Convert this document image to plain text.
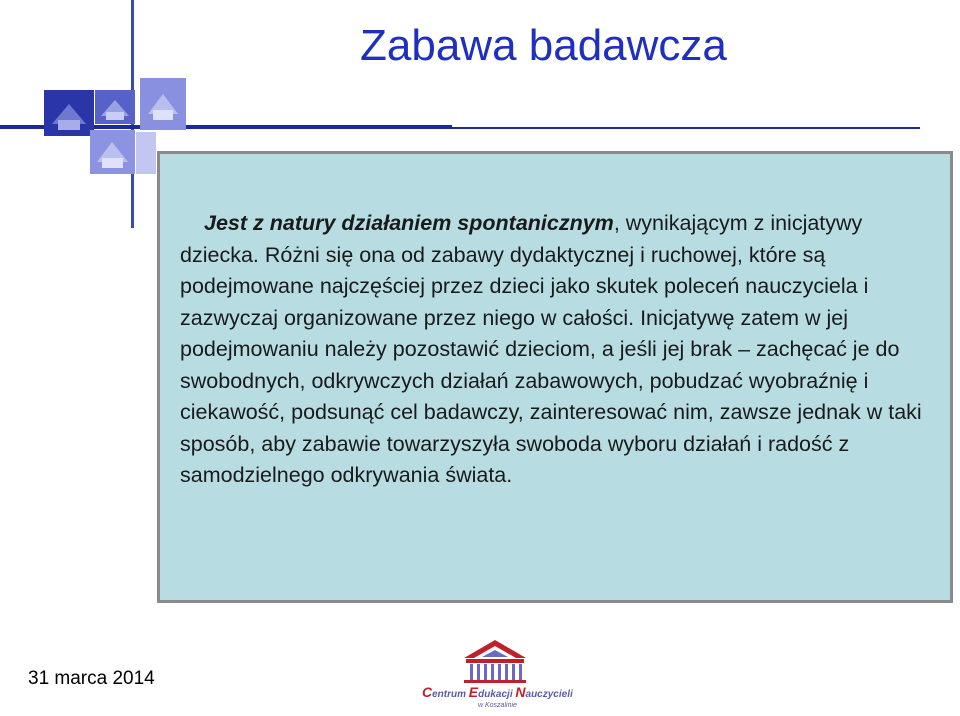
Zabawa badawcza

Jest z natury działaniem spontanicznym, wynikającym z inicjatywy dziecka. Różni się ona od zabawy dydaktycznej i ruchowej, które są podejmowane najczęściej przez dzieci jako skutek poleceń nauczyciela i zazwyczaj organizowane przez niego w całości. Inicjatywę zatem w jej podejmowaniu należy pozostawić dzieciom, a jeśli jej brak – zachęcać je do swobodnych, odkrywczych działań zabawowych, pobudzać wyobraźnię i ciekawość, podsunąć cel badawczy, zainteresować nim, zawsze jednak w taki sposób, aby zabawie towarzyszyła swoboda wyboru działań i radość z samodzielnego odkrywania świata.

31 marca 2014
Centrum Edukacji Nauczycieli
w Koszalinie
